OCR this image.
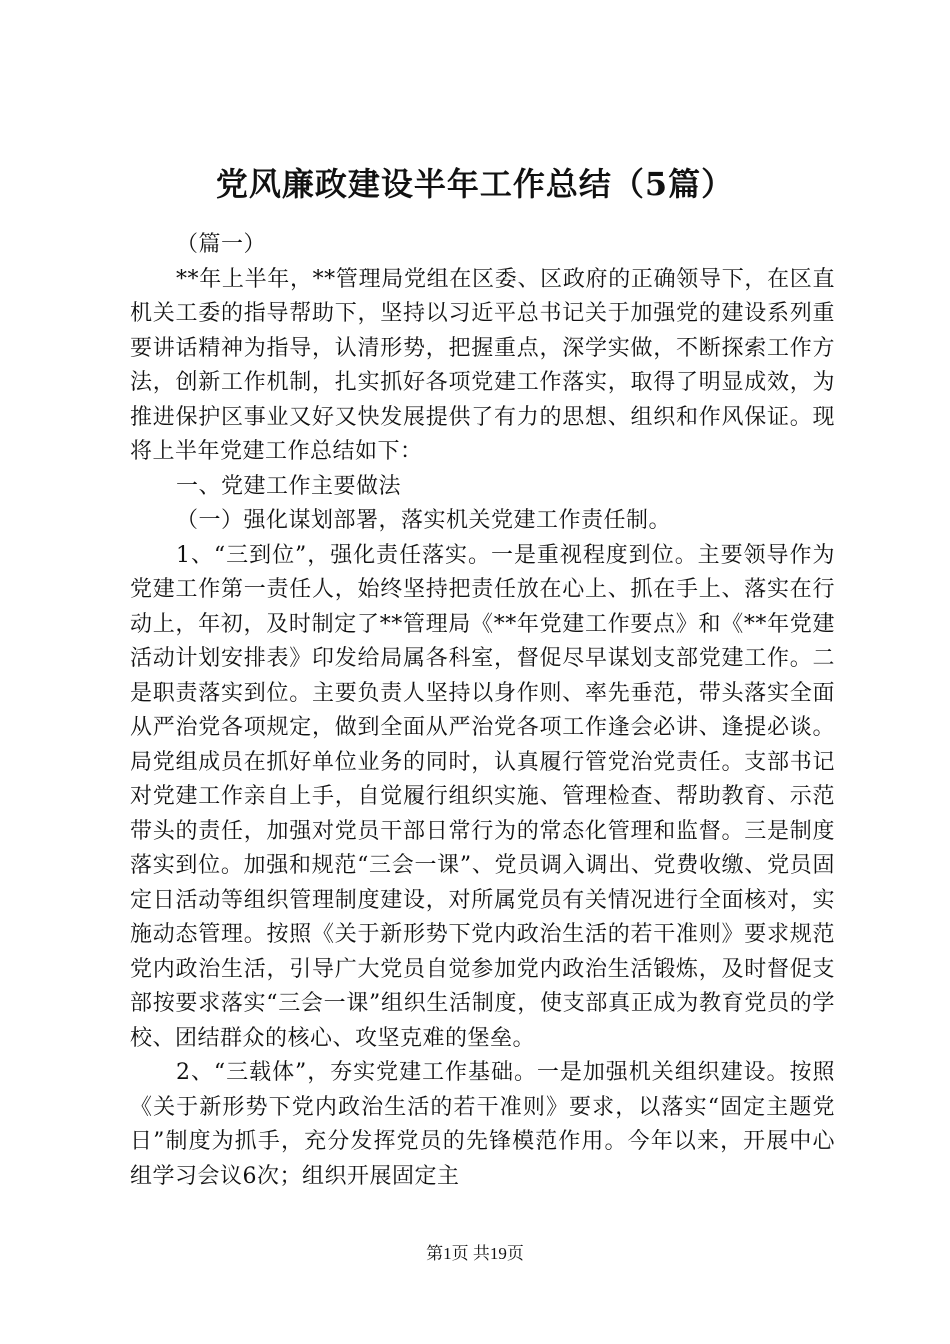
党风廉政建设半年工作总结（5篇）

（篇一）

**年上半年，**管理局党组在区委、区政府的正确领导下，在区直机关工委的指导帮助下，坚持以习近平总书记关于加强党的建设系列重要讲话精神为指导，认清形势，把握重点，深学实做，不断探索工作方法，创新工作机制，扎实抓好各项党建工作落实，取得了明显成效，为推进保护区事业又好又快发展提供了有力的思想、组织和作风保证。现将上半年党建工作总结如下：

一、党建工作主要做法

（一）强化谋划部署，落实机关党建工作责任制。

1、“三到位”，强化责任落实。一是重视程度到位。主要领导作为党建工作第一责任人，始终坚持把责任放在心上、抓在手上、落实在行动上，年初，及时制定了**管理局《**年党建工作要点》和《**年党建活动计划安排表》印发给局属各科室，督促尽早谋划支部党建工作。二是职责落实到位。主要负责人坚持以身作则、率先垂范，带头落实全面从严治党各项规定，做到全面从严治党各项工作逢会必讲、逢提必谈。局党组成员在抓好单位业务的同时，认真履行管党治党责任。支部书记对党建工作亲自上手，自觉履行组织实施、管理检查、帮助教育、示范带头的责任，加强对党员干部日常行为的常态化管理和监督。三是制度落实到位。加强和规范“三会一课”、党员调入调出、党费收缴、党员固定日活动等组织管理制度建设，对所属党员有关情况进行全面核对，实施动态管理。按照《关于新形势下党内政治生活的若干准则》要求规范党内政治生活，引导广大党员自觉参加党内政治生活锻炼，及时督促支部按要求落实“三会一课”组织生活制度，使支部真正成为教育党员的学校、团结群众的核心、攻坚克难的堡垒。

2、“三载体”，夯实党建工作基础。一是加强机关组织建设。按照《关于新形势下党内政治生活的若干准则》要求，以落实“固定主题党日”制度为抓手，充分发挥党员的先锋模范作用。今年以来，开展中心组学习会议6次；组织开展固定主

第1页 共19页
